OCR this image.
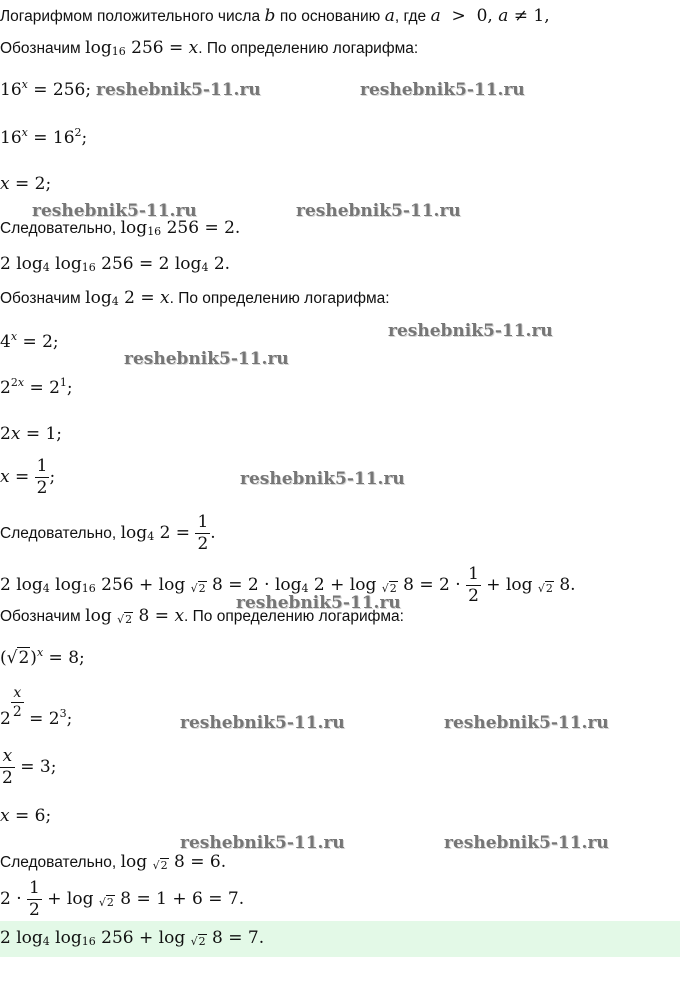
Логарифмом положительного числа b по основанию a, где a  >  0, a ≠ 1,
Обозначим $\log_{16} 256 = x$. По определению логарифма:
$16^x = 256$;
$16^x = 16^2$;
x = 2;
Следовательно, $\log_{16} 256 = 2$.
2 $\log_4 \log_{16} 256 = 2$ $\log_4 2$.
Обозначим $\log_4 2 = x$. По определению логарифма:
$4^x = 2$;
$2^{2x} = 2^1$;
2x = 1;
$x = \frac{1}{2}$ ;
Следовательно, $\log_4 2 = \frac{1}{2}$ .
2 $\log_4 \log_{16} 256 + \log _{√2}$ $8 = 2 \cdot \log_4 2 + \log _{√2}$ $8 = 2 \cdot \frac{1}{2} + \log _{√2}$ 8.
Обозначим log $_{√2}$ 8 = x. По определению логарифма:
$(√2)^x = 8$;
$2 \frac{x}{2} = 2^3$;
$\frac{x}{2} = 3$;
x = 6;
Следовательно, log $_{√2}$ 8 = 6.
$2 \cdot \frac{1}{2} + \log _{√2}$ 8 = 1 + 6 = 7.
2 $\log_4 \log_{16} 256 + \log _{√2}$ 8 = 7.
reshebnik5-11.ru	reshebnik5-11.ru
reshebnik5-11.ru	reshebnik5-11.ru
reshebnik5-11.ru
reshebnik5-11.ru
reshebnik5-11.ru
reshebnik5-11.ru
reshebnik5-11.ru	reshebnik5-11.ru
reshebnik5-11.ru	reshebnik5-11.ru
